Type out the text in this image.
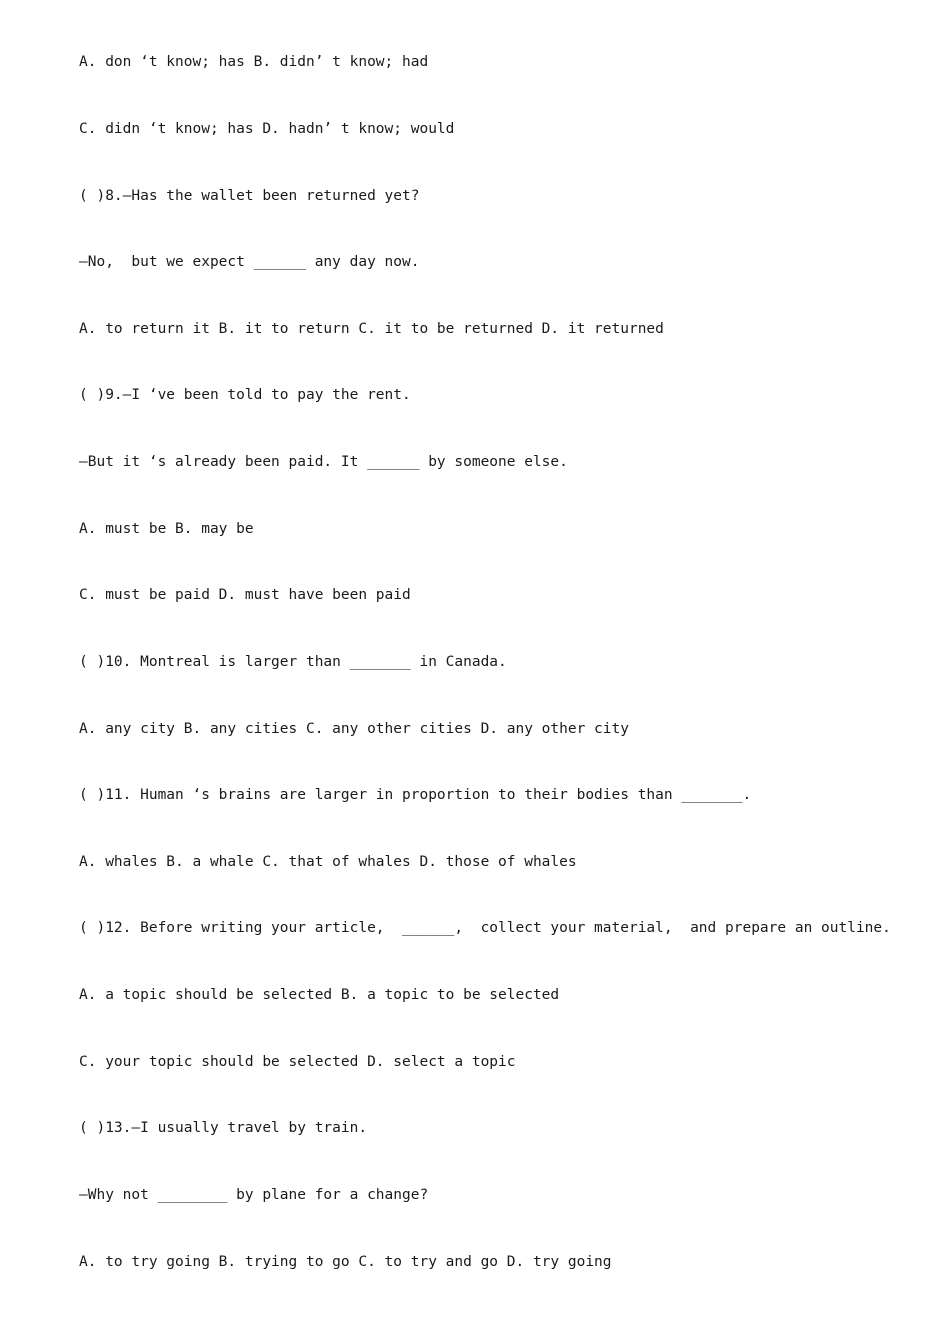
A. don ‘t know; has B. didn’ t know; had
C. didn ‘t know; has D. hadn’ t know; would
( )8.—Has the wallet been returned yet?
—No,  but we expect ______ any day now.
A. to return it B. it to return C. it to be returned D. it returned
( )9.—I ‘ve been told to pay the rent.
—But it ‘s already been paid. It ______ by someone else.
A. must be B. may be
C. must be paid D. must have been paid
( )10. Montreal is larger than _______ in Canada.
A. any city B. any cities C. any other cities D. any other city
( )11. Human ‘s brains are larger in proportion to their bodies than _______.
A. whales B. a whale C. that of whales D. those of whales
( )12. Before writing your article,  ______,  collect your material,  and prepare an outline.
A. a topic should be selected B. a topic to be selected
C. your topic should be selected D. select a topic
( )13.—I usually travel by train.
—Why not ________ by plane for a change?
A. to try going B. trying to go C. to try and go D. try going
